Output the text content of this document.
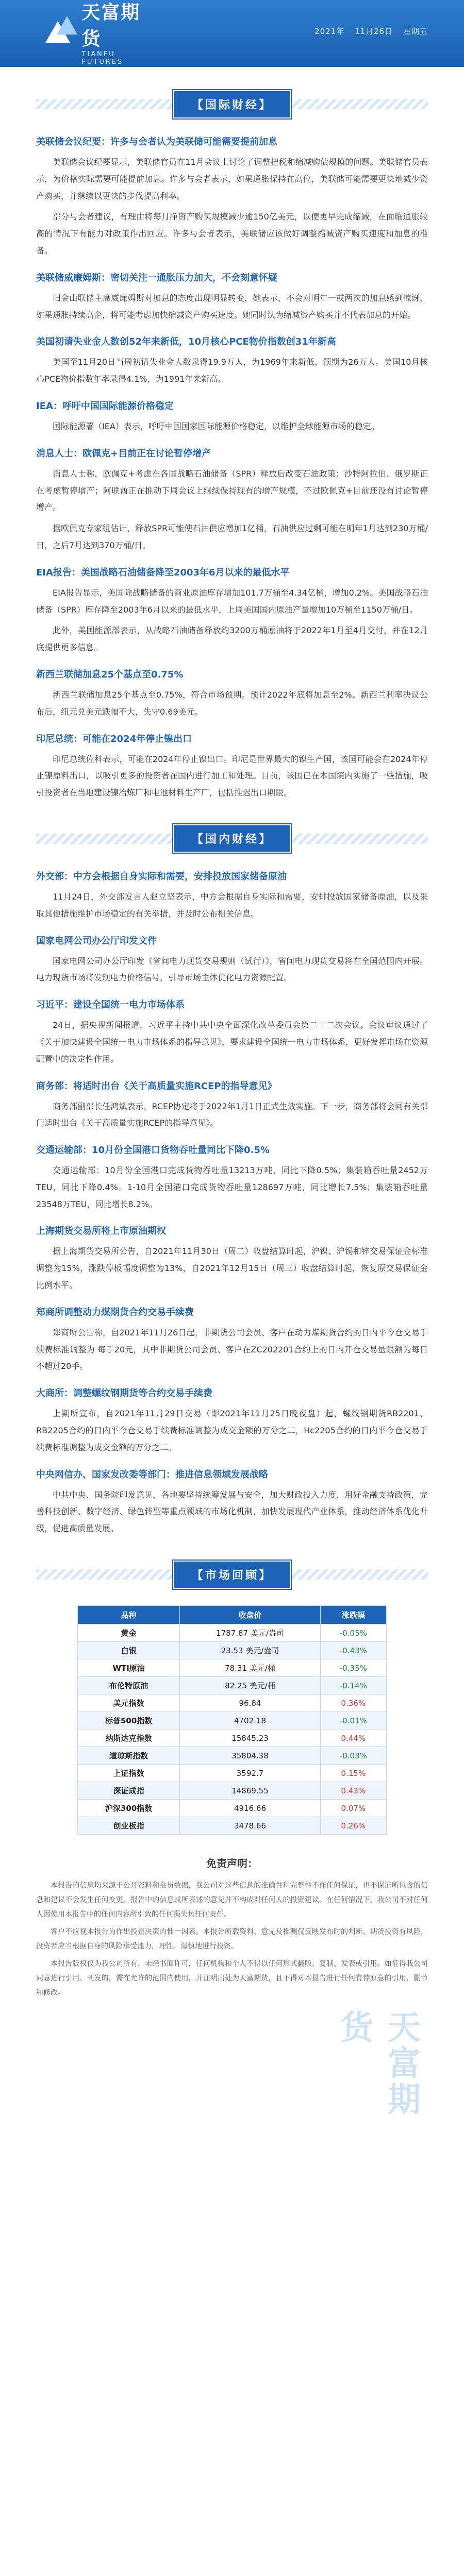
天富期货
TIANFU FUTURES
2021年 11月26日 星期五
【国际财经】
美联储会议纪要：许多与会者认为美联储可能需要提前加息

美联储会议纪要显示，美联储官员在11月会议上讨论了调整把税和缩减购债规模的问题。美联储官员表示，为价格实际需要可能提前加息。许多与会者表示，如果通胀保持在高位，美联储可能需要更快地减少资产购买，并继续以更快的步伐提高利率。

部分与会者建议，有理由将每月净资产购买规模减少逾150亿美元，以便更早完成缩减，在面临通胀较高的情况下有能力对政策作出回应。许多与会者表示，美联储应该做好调整缩减资产购买速度和加息的准备。

美联储威廉姆斯：密切关注一通胀压力加大，不会刻意怀疑

旧金山联储主席威廉姆斯对加息的态度出现明显转变，她表示，不会对明年一或两次的加息感到惊讶，如果通胀持续高企，将可能考虑加快缩减资产购买速度。她同时认为缩减资产购买并不代表加息的开始。

美国初请失业金人数创52年来新低，10月核心PCE物价指数创31年新高

美国至11月20日当周初请失业金人数录得19.9万人，为1969年来新低，预期为26万人。美国10月核心PCE物价指数年率录得4.1%，为1991年来新高。

IEA：呼吁中国国际能源价格稳定

国际能源署（IEA）表示，呼吁中国国家国际能源价格稳定，以维护全球能源市场的稳定。

消息人士：欧佩克+目前正在讨论暂停增产

消息人士称，欧佩克+考虑在各国战略石油储备（SPR）释放后改变石油政策；沙特阿拉伯、俄罗斯正在考虑暂停增产；阿联酋正在推动下周会议上继续保持现有的增产规模，不过欧佩克+目前还没有讨论暂停增产。

据欧佩克专家组估计，释放SPR可能使石油供应增加1亿桶，石油供应过剩可能在明年1月达到230万桶/日，之后7月达到370万桶/日。

EIA报告：美国战略石油储备降至2003年6月以来的最低水平

EIA报告显示，美国除战略储备的商业原油库存增加101.7万桶至4.34亿桶，增加0.2%。美国战略石油储备（SPR）库存降至2003年6月以来的最低水平，上周美国国内原油产量增加10万桶至1150万桶/日。

此外，美国能源部表示，从战略石油储备释放约3200万桶原油将于2022年1月至4月交付，并在12月底提供更多信息。

新西兰联储加息25个基点至0.75%

新西兰联储加息25个基点至0.75%，符合市场预期。预计2022年底将加息至2%。新西兰利率决议公布后，纽元兑美元跌幅不大，失守0.69美元。

印尼总统：可能在2024年停止镍出口

印尼总统佐科表示，可能在2024年停止镍出口。印尼是世界最大的镍生产国，该国可能会在2024年停止镍原料出口，以吸引更多的投资者在国内进行加工和处理。目前，该国已在本国境内实施了一些措施，吸引投资者在当地建设镍冶炼厂和电池材料生产厂，包括推迟出口期限。

【国内财经】
外交部：中方会根据自身实际和需要，安排投放国家储备原油

11月24日，外交部发言人赵立坚表示，中方会根据自身实际和需要，安排投放国家储备原油，以及采取其他措施维护市场稳定的有关举措，并及时公布相关信息。

国家电网公司办公厅印发文件

国家电网公司办公厅印发《省间电力现货交易规则（试行）》，省间电力现货交易将在全国范围内开展。电力现货市场将发现电力价格信号，引导市场主体优化电力资源配置。

习近平：建设全国统一电力市场体系

24日，据央视新闻报道，习近平主持中共中央全面深化改革委员会第二十二次会议。会议审议通过了《关于加快建设全国统一电力市场体系的指导意见》，要求建设全国统一电力市场体系，更好发挥市场在资源配置中的决定性作用。

商务部：将适时出台《关于高质量实施RCEP的指导意见》

商务部副部长任鸿斌表示，RCEP协定将于2022年1月1日正式生效实施。下一步，商务部将会同有关部门适时出台《关于高质量实施RCEP的指导意见》。

交通运输部：10月份全国港口货物吞吐量同比下降0.5%

交通运输部：10月份全国港口完成货物吞吐量13213万吨，同比下降0.5%；集装箱吞吐量2452万TEU，同比下降0.4%。1-10月全国港口完成货物吞吐量128697万吨，同比增长7.5%；集装箱吞吐量23548万TEU，同比增长8.2%。

上海期货交易所将上市原油期权

据上海期货交易所公告，自2021年11月30日（周二）收盘结算时起，沪镍、沪锡和锌交易保证金标准调整为15%，涨跌停板幅度调整为13%，自2021年12月15日（周三）收盘结算时起，恢复原交易保证金比例水平。

郑商所调整动力煤期货合约交易手续费

郑商所公告称，自2021年11月26日起，非期货公司会员、客户在动力煤期货合约的日内平今仓交易手续费标准调整为 每手20元，其中非期货公司会员、客户在ZC202201合约上的日内开仓交易量限额为每日不超过20手。

大商所：调整螺纹钢期货等合约交易手续费

上期所宣布，自2021年11月29日交易（即2021年11月25日晚夜盘）起，螺纹钢期货RB2201、RB2205合约的日内平今仓交易手续费标准调整为成交金额的万分之二，Hc2205合约的日内平今仓交易手续费标准调整为成交金额的万分之二。

中央网信办、国家发改委等部门：推进信息领域发展战略

中共中央、国务院印发意见，各地要坚持统筹发展与安全，加大财政投入力度，用好金融支持政策，完善科技创新、数字经济、绿色转型等重点领域的市场化机制，加快发展现代产业体系，推动经济体系优化升级，促进高质量发展。

【市场回顾】
品种	收盘价	涨跌幅
黄金	1787.87 美元/盎司	-0.05%
白银	23.53 美元/盎司	-0.43%
WTI原油	78.31 美元/桶	-0.35%
布伦特原油	82.25 美元/桶	-0.14%
美元指数	96.84	0.36%
标普500指数	4702.18	-0.01%
纳斯达克指数	15845.23	0.44%
道琼斯指数	35804.38	-0.03%
上证指数	3592.7	0.15%
深证成指	14869.55	0.43%
沪深300指数	4916.66	0.07%
创业板指	3478.66	0.26%
免责声明：

本报告的信息均来源于公开资料和会员数据，我公司对这些信息的准确性和完整性不作任何保证，也不保证所包含的信息和建议不会发生任何变更。报告中的信息或所表述的意见并不构成对任何人的投资建议。在任何情况下，我公司不对任何人因使用本报告中的任何内容所引致的任何损失负任何责任。

客户不应视本报告为作出投资决策的惟一因素。本报告所载资料、意见及推测仅反映发布时的判断。期货投资有风险，投资者应当根据自身的风险承受能力，理性、谨慎地进行投资。

本报告版权仅为我公司所有，未经书面许可，任何机构和个人不得以任何形式翻版、复制、发表或引用。如征得我公司同意进行引用、刊发的，需在允许的范围内使用，并注明出处为天富期货，且不得对本报告进行任何有悖原意的引用、删节和修改。

天富期货
